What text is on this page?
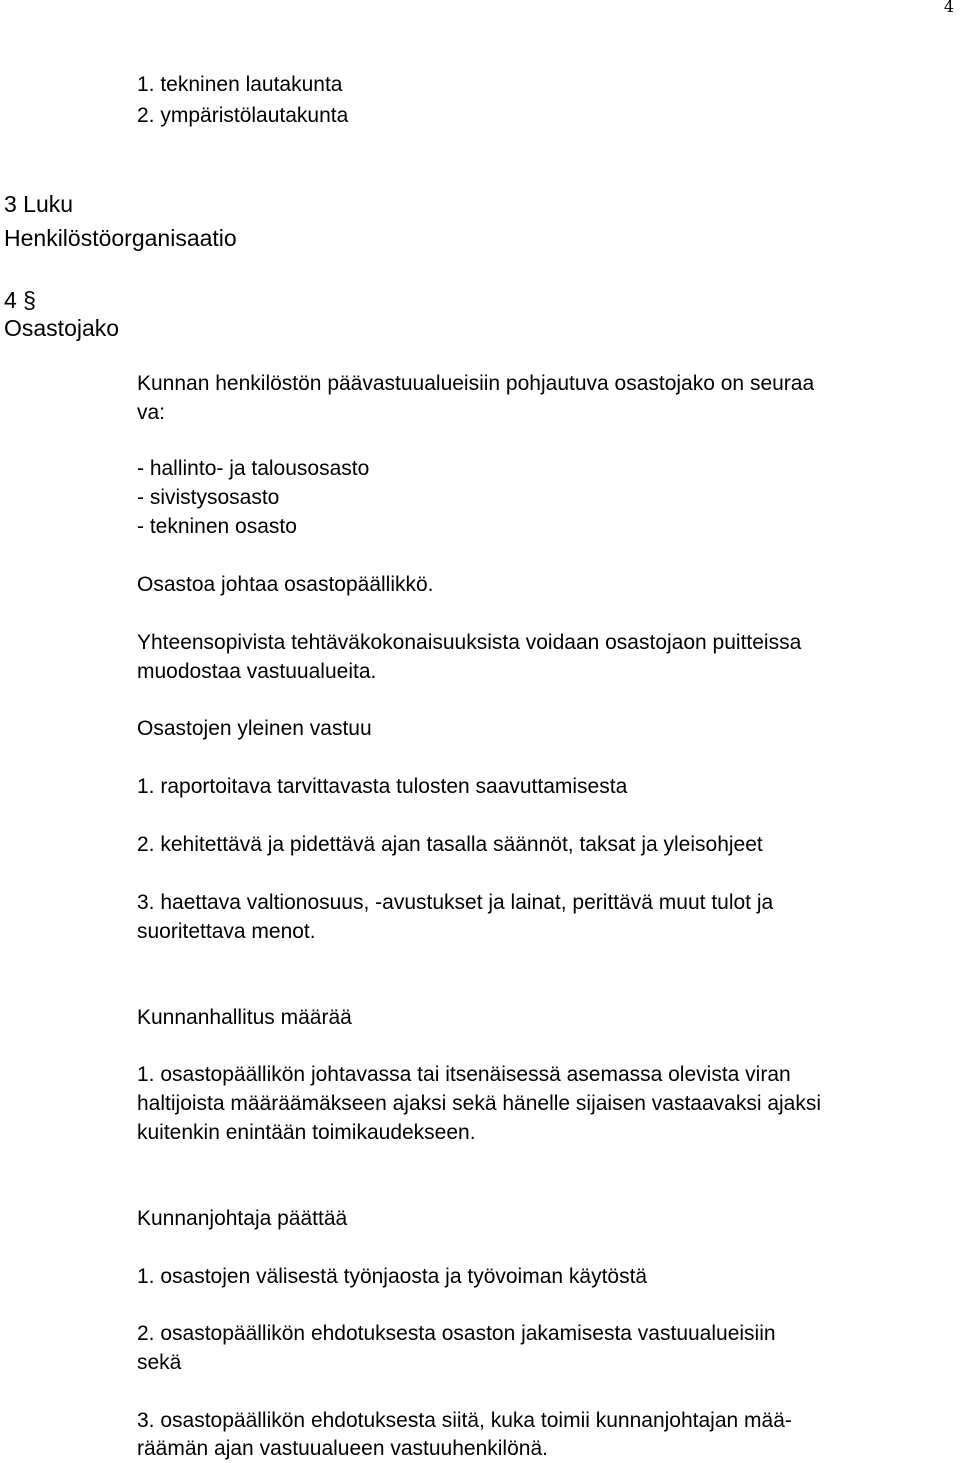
4

1. tekninen lautakunta

2. ympäristölautakunta

3 Luku

Henkilöstöorganisaatio

4 §

Osastojako

Kunnan henkilöstön päävastuualueisiin pohjautuva osastojako on seuraa

va:

- hallinto- ja talousosasto

- sivistysosasto

- tekninen osasto

Osastoa johtaa osastopäällikkö.

Yhteensopivista tehtäväkokonaisuuksista voidaan osastojaon puitteissa

muodostaa vastuualueita.

Osastojen yleinen vastuu

1. raportoitava tarvittavasta tulosten saavuttamisesta

2. kehitettävä ja pidettävä ajan tasalla säännöt, taksat ja yleisohjeet

3. haettava valtionosuus, -avustukset ja lainat, perittävä muut tulot ja

suoritettava menot.

Kunnanhallitus määrää

1. osastopäällikön johtavassa tai itsenäisessä asemassa olevista viran

haltijoista määräämäkseen ajaksi sekä hänelle sijaisen vastaavaksi ajaksi

kuitenkin enintään toimikaudekseen.

Kunnanjohtaja päättää

1. osastojen välisestä työnjaosta ja työvoiman käytöstä

2. osastopäällikön ehdotuksesta osaston jakamisesta vastuualueisiin

sekä

3. osastopäällikön ehdotuksesta siitä, kuka toimii kunnanjohtajan mää-

räämän ajan vastuualueen vastuuhenkilönä.
